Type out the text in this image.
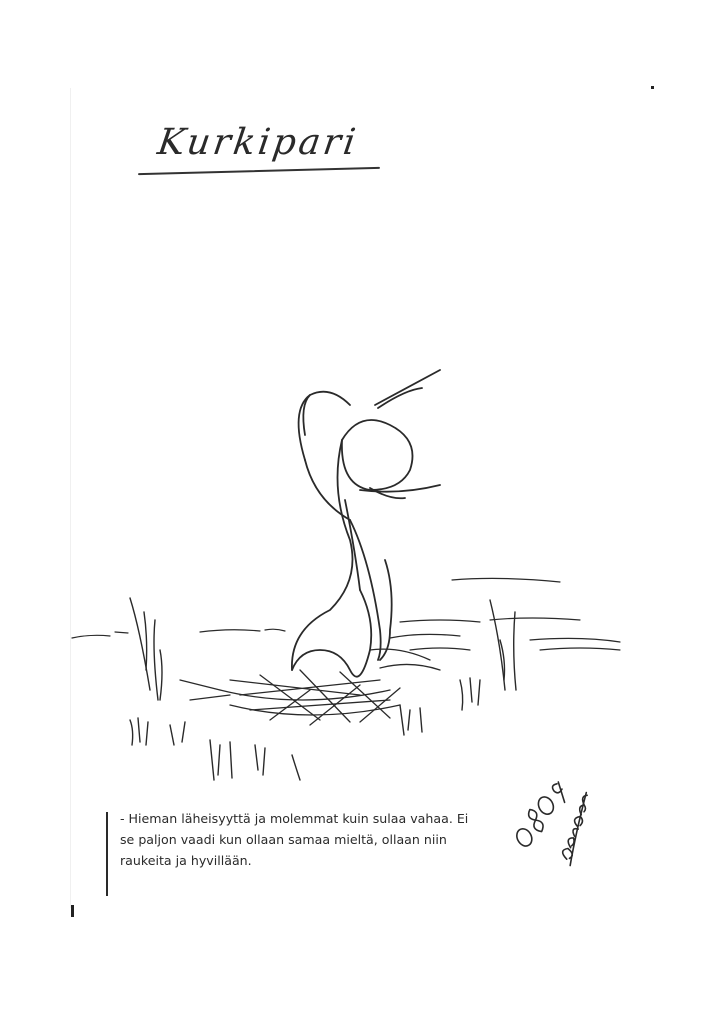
Kurkipari
- Hieman läheisyyttä ja molemmat kuin sulaa vahaa. Ei
se paljon vaadi kun ollaan samaa mieltä, ollaan niin
raukeita ja hyvillään.
